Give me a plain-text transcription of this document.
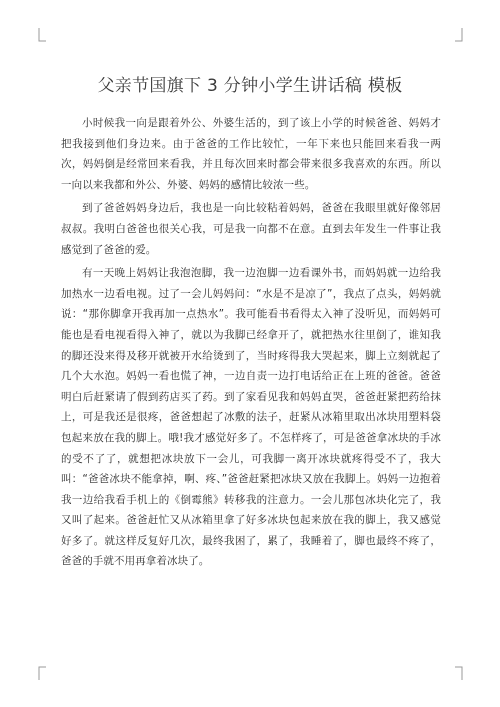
父亲节国旗下 3 分钟小学生讲话稿 模板

小时候我一向是跟着外公、外婆生活的，到了该上小学的时候爸爸、妈妈才把我接到他们身边来。由于爸爸的工作比较忙，一年下来也只能回来看我一两次，妈妈倒是经常回来看我，并且每次回来时都会带来很多我喜欢的东西。所以一向以来我都和外公、外婆、妈妈的感情比较浓一些。

到了爸爸妈妈身边后，我也是一向比较粘着妈妈，爸爸在我眼里就好像邻居叔叔。我明白爸爸也很关心我，可是我一向都不在意。直到去年发生一件事让我感觉到了爸爸的爱。

有一天晚上妈妈让我泡泡脚，我一边泡脚一边看课外书，而妈妈就一边给我加热水一边看电视。过了一会儿妈妈问：“水是不是凉了”，我点了点头，妈妈就说：“那你脚拿开我再加一点热水”。我可能看书看得太入神了没听见，而妈妈可能也是看电视看得入神了，就以为我脚已经拿开了，就把热水往里倒了，谁知我的脚还没来得及移开就被开水给烫到了，当时疼得我大哭起来，脚上立刻就起了几个大水泡。妈妈一看也慌了神，一边自责一边打电话给正在上班的爸爸。爸爸明白后赶紧请了假到药店买了药。到了家看见我和妈妈直哭，爸爸赶紧把药给抹上，可是我还是很疼，爸爸想起了冰敷的法子，赶紧从冰箱里取出冰块用塑料袋包起来放在我的脚上。哦!我才感觉好多了。不怎样疼了，可是爸爸拿冰块的手冰的受不了了，就想把冰块放下一会儿，可我脚一离开冰块就疼得受不了，我大叫：“爸爸冰块不能拿掉，啊、疼、”爸爸赶紧把冰块又放在我脚上。妈妈一边抱着我一边给我看手机上的《倒霉熊》转移我的注意力。一会儿那包冰块化完了，我又叫了起来。爸爸赶忙又从冰箱里拿了好多冰块包起来放在我的脚上，我又感觉好多了。就这样反复好几次，最终我困了，累了，我睡着了，脚也最终不疼了，爸爸的手就不用再拿着冰块了。
